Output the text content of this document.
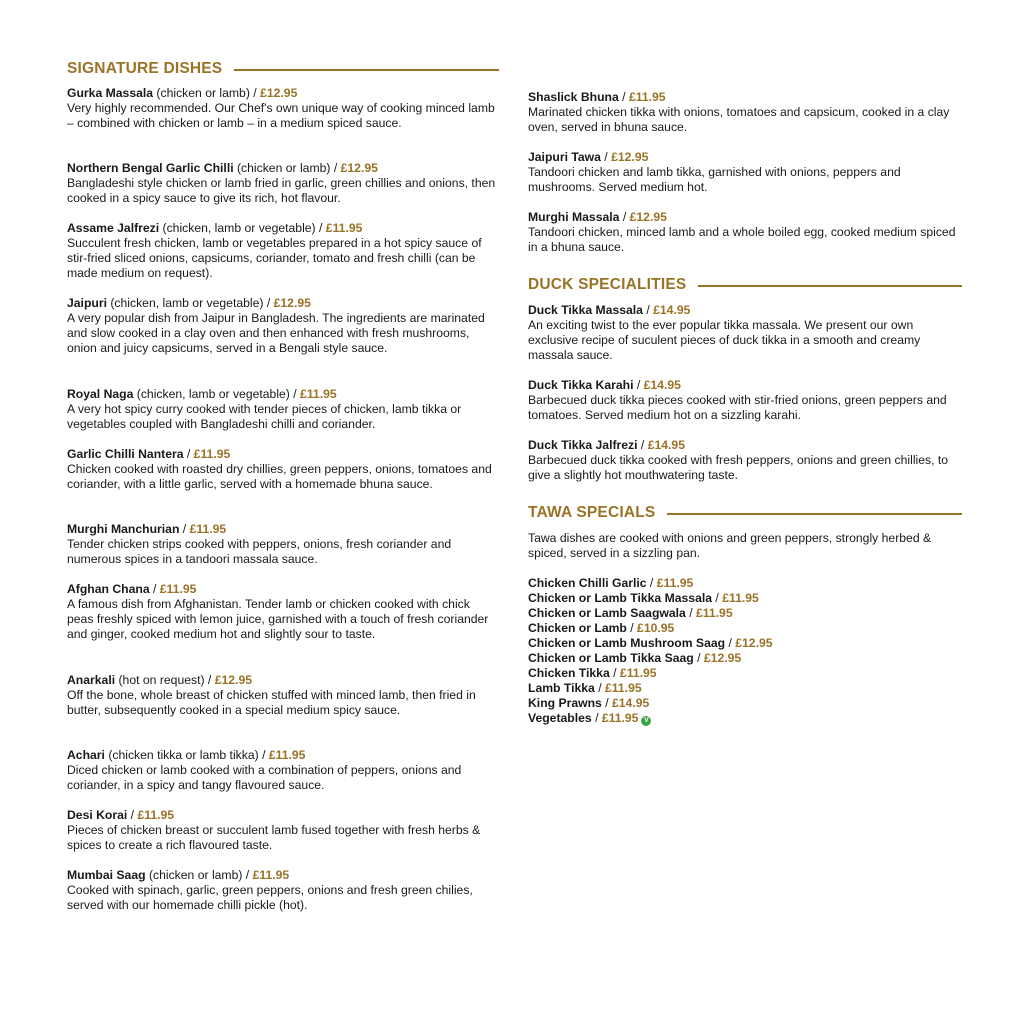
SIGNATURE DISHES
Gurka Massala (chicken or lamb) / £12.95
Very highly recommended. Our Chef's own unique way of cooking minced lamb – combined with chicken or lamb – in a medium spiced sauce.
Northern Bengal Garlic Chilli (chicken or lamb) / £12.95
Bangladeshi style chicken or lamb fried in garlic, green chillies and onions, then cooked in a spicy sauce to give its rich, hot flavour.
Assame Jalfrezi (chicken, lamb or vegetable) / £11.95
Succulent fresh chicken, lamb or vegetables prepared in a hot spicy sauce of stir-fried sliced onions, capsicums, coriander, tomato and fresh chilli (can be made medium on request).
Jaipuri (chicken, lamb or vegetable) / £12.95
A very popular dish from Jaipur in Bangladesh. The ingredients are marinated and slow cooked in a clay oven and then enhanced with fresh mushrooms, onion and juicy capsicums, served in a Bengali style sauce.
Royal Naga (chicken, lamb or vegetable) / £11.95
A very hot spicy curry cooked with tender pieces of chicken, lamb tikka or vegetables coupled with Bangladeshi chilli and coriander.
Garlic Chilli Nantera / £11.95
Chicken cooked with roasted dry chillies, green peppers, onions, tomatoes and coriander, with a little garlic, served with a homemade bhuna sauce.
Murghi Manchurian / £11.95
Tender chicken strips cooked with peppers, onions, fresh coriander and numerous spices in a tandoori massala sauce.
Afghan Chana / £11.95
A famous dish from Afghanistan. Tender lamb or chicken cooked with chick peas freshly spiced with lemon juice, garnished with a touch of fresh coriander and ginger, cooked medium hot and slightly sour to taste.
Anarkali (hot on request) / £12.95
Off the bone, whole breast of chicken stuffed with minced lamb, then fried in butter, subsequently cooked in a special medium spicy sauce.
Achari (chicken tikka or lamb tikka) / £11.95
Diced chicken or lamb cooked with a combination of peppers, onions and coriander, in a spicy and tangy flavoured sauce.
Desi Korai / £11.95
Pieces of chicken breast or succulent lamb fused together with fresh herbs & spices to create a rich flavoured taste.
Mumbai Saag (chicken or lamb) / £11.95
Cooked with spinach, garlic, green peppers, onions and fresh green chilies, served with our homemade chilli pickle (hot).
Shaslick Bhuna / £11.95
Marinated chicken tikka with onions, tomatoes and capsicum, cooked in a clay oven, served in bhuna sauce.
Jaipuri Tawa / £12.95
Tandoori chicken and lamb tikka, garnished with onions, peppers and mushrooms. Served medium hot.
Murghi Massala / £12.95
Tandoori chicken, minced lamb and a whole boiled egg, cooked medium spiced in a bhuna sauce.
DUCK SPECIALITIES
Duck Tikka Massala / £14.95
An exciting twist to the ever popular tikka massala. We present our own exclusive recipe of suculent pieces of duck tikka in a smooth and creamy massala sauce.
Duck Tikka Karahi / £14.95
Barbecued duck tikka pieces cooked with stir-fried onions, green peppers and tomatoes. Served medium hot on a sizzling karahi.
Duck Tikka Jalfrezi / £14.95
Barbecued duck tikka cooked with fresh peppers, onions and green chillies, to give a slightly hot mouthwatering taste.
TAWA SPECIALS
Tawa dishes are cooked with onions and green peppers, strongly herbed & spiced, served in a sizzling pan.
Chicken Chilli Garlic / £11.95
Chicken or Lamb Tikka Massala / £11.95
Chicken or Lamb Saagwala / £11.95
Chicken or Lamb / £10.95
Chicken or Lamb Mushroom Saag / £12.95
Chicken or Lamb Tikka Saag / £12.95
Chicken Tikka / £11.95
Lamb Tikka / £11.95
King Prawns / £14.95
Vegetables / £11.95 V
